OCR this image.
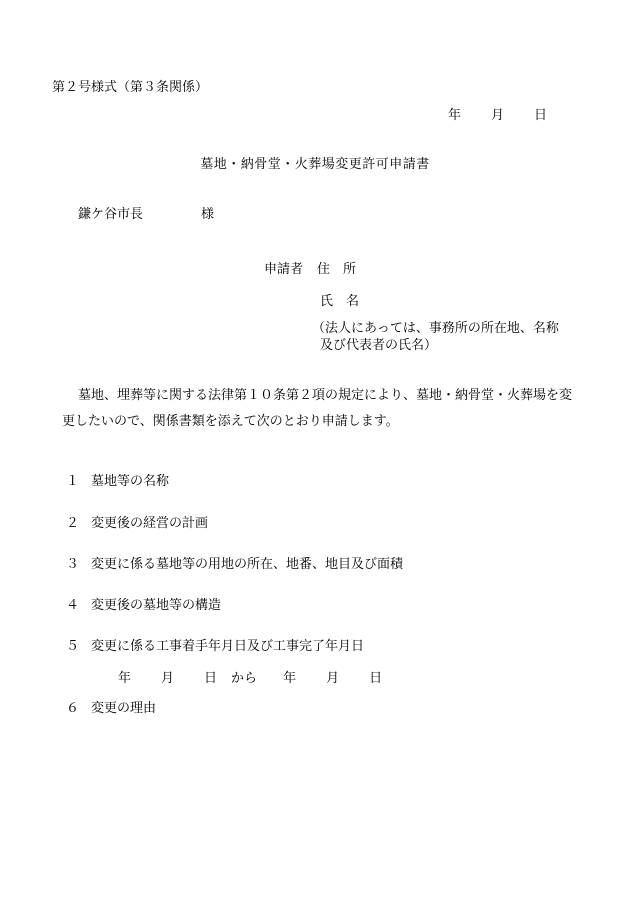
第２号様式（第３条関係）
年 月 日
墓地・納骨堂・火葬場変更許可申請書
鎌ケ谷市長	様
申請者 住　所
氏　名
（法人にあっては、事務所の所在地、名称
及び代表者の氏名）
墓地、埋葬等に関する法律第１０条第２項の規定により、墓地・納骨堂・火葬場を変更したいので、関係書類を添えて次のとおり申請します。
１ 墓地等の名称
２ 変更後の経営の計画
３ 変更に係る墓地等の用地の所在、地番、地目及び面積
４ 変更後の墓地等の構造
５ 変更に係る工事着手年月日及び工事完了年月日
年 月 日 から 年 月 日
６ 変更の理由
